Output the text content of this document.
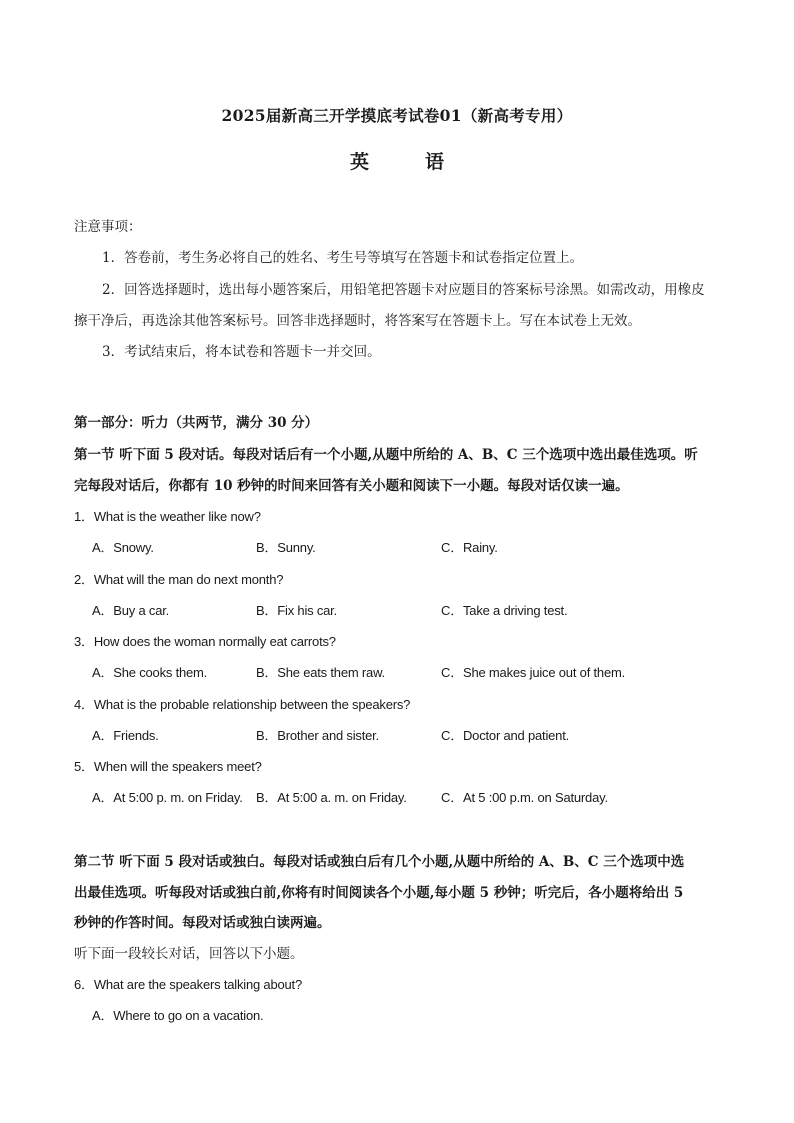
2025届新高三开学摸底考试卷01（新高考专用）
英	语
注意事项：
1．答卷前，考生务必将自己的姓名、考生号等填写在答题卡和试卷指定位置上。
2．回答选择题时，选出每小题答案后，用铅笔把答题卡对应题目的答案标号涂黑。如需改动，用橡皮
擦干净后，再选涂其他答案标号。回答非选择题时，将答案写在答题卡上。写在本试卷上无效。
3．考试结束后，将本试卷和答题卡一并交回。
第一部分：听力（共两节，满分 30 分）
第一节 听下面 5 段对话。每段对话后有一个小题,从题中所给的 A、B、C 三个选项中选出最佳选项。听
完每段对话后，你都有 10 秒钟的时间来回答有关小题和阅读下一小题。每段对话仅读一遍。
1．What is the weather like now?
A．Snowy.	B．Sunny.	C．Rainy.
2．What will the man do next month?
A．Buy a car.	B．Fix his car.	C．Take a driving test.
3．How does the woman normally eat carrots?
A．She cooks them.	B．She eats them raw.	C．She makes juice out of them.
4．What is the probable relationship between the speakers?
A．Friends.	B．Brother and sister.	C．Doctor and patient.
5．When will the speakers meet?
A．At 5:00 p. m. on Friday. B．At 5:00 a. m. on Friday.	C．At 5 :00 p.m. on Saturday.
第二节 听下面 5 段对话或独白。每段对话或独白后有几个小题,从题中所给的 A、B、C 三个选项中选
出最佳选项。听每段对话或独白前,你将有时间阅读各个小题,每小题 5 秒钟；听完后，各小题将给出 5
秒钟的作答时间。每段对话或独白读两遍。
听下面一段较长对话，回答以下小题。
6．What are the speakers talking about?
A．Where to go on a vacation.
